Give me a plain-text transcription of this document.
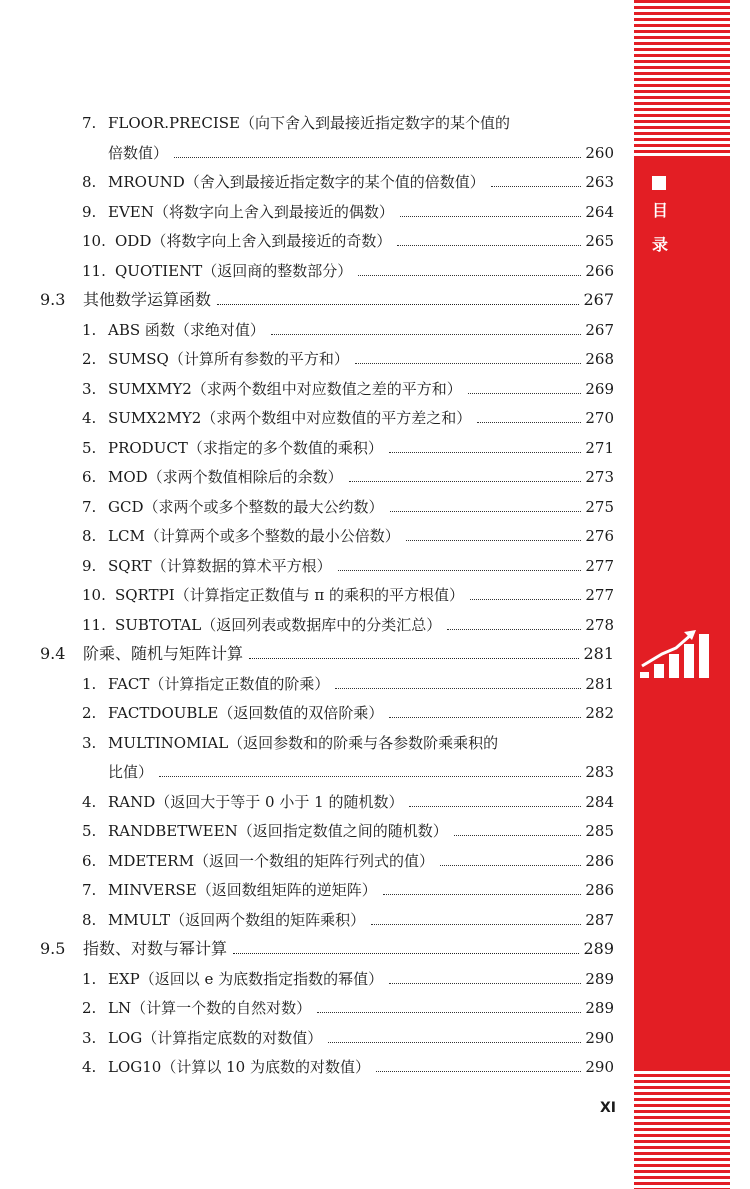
7. FLOOR.PRECISE（向下舍入到最接近指定数字的某个值的
倍数值）	260
8. MROUND（舍入到最接近指定数字的某个值的倍数值）	263
9. EVEN（将数字向上舍入到最接近的偶数）	264
10. ODD（将数字向上舍入到最接近的奇数）	265
11. QUOTIENT（返回商的整数部分）	266
9.3 其他数学运算函数	267
1. ABS 函数（求绝对值）	267
2. SUMSQ（计算所有参数的平方和）	268
3. SUMXMY2（求两个数组中对应数值之差的平方和）	269
4. SUMX2MY2（求两个数组中对应数值的平方差之和）	270
5. PRODUCT（求指定的多个数值的乘积）	271
6. MOD（求两个数值相除后的余数）	273
7. GCD（求两个或多个整数的最大公约数）	275
8. LCM（计算两个或多个整数的最小公倍数）	276
9. SQRT（计算数据的算术平方根）	277
10. SQRTPI（计算指定正数值与 π 的乘积的平方根值）	277
11. SUBTOTAL（返回列表或数据库中的分类汇总）	278
9.4 阶乘、随机与矩阵计算	281
1. FACT（计算指定正数值的阶乘）	281
2. FACTDOUBLE（返回数值的双倍阶乘）	282
3. MULTINOMIAL（返回参数和的阶乘与各参数阶乘乘积的
比值）	283
4. RAND（返回大于等于 0 小于 1 的随机数）	284
5. RANDBETWEEN（返回指定数值之间的随机数）	285
6. MDETERM（返回一个数组的矩阵行列式的值）	286
7. MINVERSE（返回数组矩阵的逆矩阵）	286
8. MMULT（返回两个数组的矩阵乘积）	287
9.5 指数、对数与幂计算	289
1. EXP（返回以 e 为底数指定指数的幂值）	289
2. LN（计算一个数的自然对数）	289
3. LOG（计算指定底数的对数值）	290
4. LOG10（计算以 10 为底数的对数值）	290
XI
目
录
